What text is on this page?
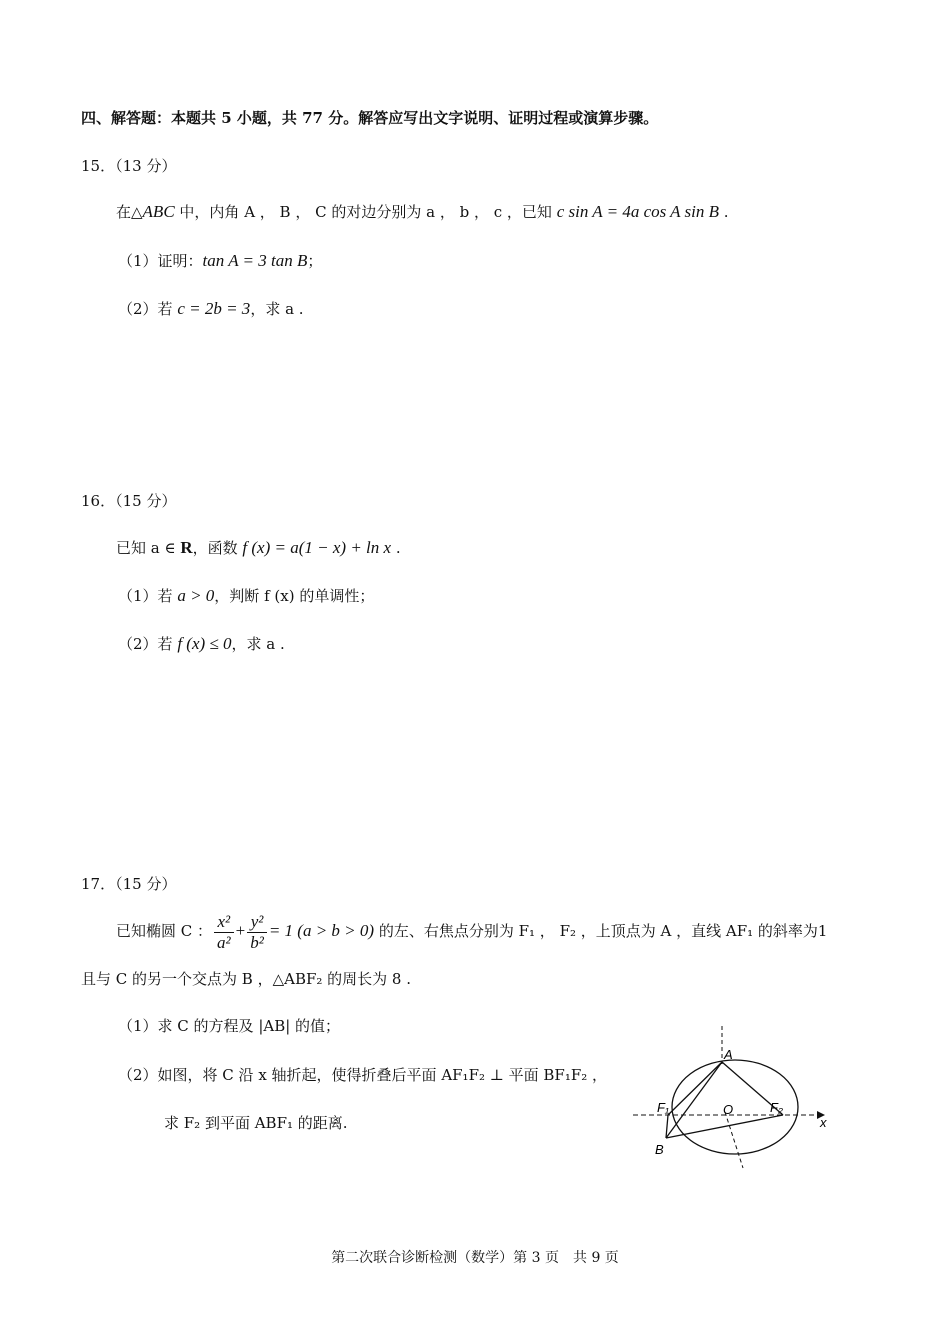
四、解答题：本题共 5 小题，共 77 分。解答应写出文字说明、证明过程或演算步骤。
15．（13 分）
在△ABC 中，内角 A ， B ， C 的对边分别为 a ， b ， c ，已知 c sin A = 4a cos A sin B .
（1）证明：tan A = 3 tan B；
（2）若 c = 2b = 3，求 a .
16．（15 分）
已知 a ∈ R，函数 f (x) = a(1 − x) + ln x .
（1）若 a > 0，判断 f (x) 的单调性；
（2）若 f (x) ≤ 0，求 a .
17．（15 分）
已知椭圆 C ： $\frac{\text{x²}}{\text{a²}} + \frac{\text{y²}}{\text{b²}} = 1$ (a > b > 0) 的左、右焦点分别为 F₁ ， F₂ ，上顶点为 A ，直线 AF₁ 的斜率为1
且与 C 的另一个交点为 B ，△ABF₂ 的周长为 8 .
（1）求 C 的方程及 |AB| 的值；
（2）如图，将 C 沿 x 轴折起，使得折叠后平面 AF₁F₂ ⊥ 平面 BF₁F₂ ，
求 F₂ 到平面 ABF₁ 的距离.
A
B
O
F₁	F₂
x
第二次联合诊断检测（数学）第 3 页　共 9 页
